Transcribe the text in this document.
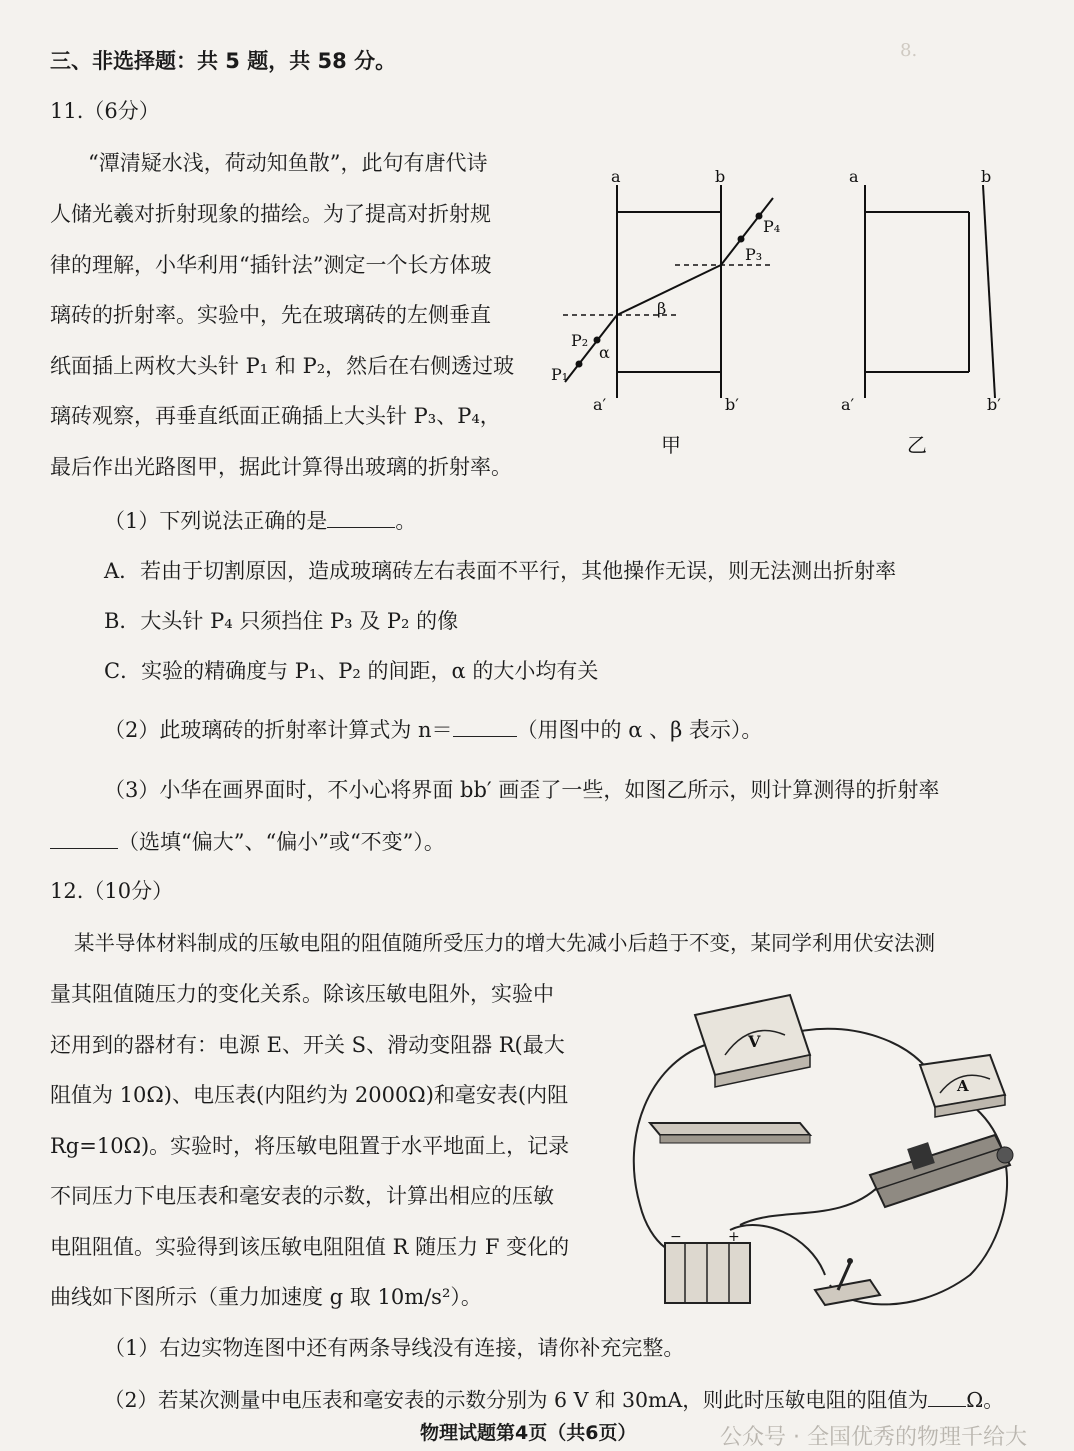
8.
三、非选择题：共 5 题，共 58 分。
11.（6分）
“潭清疑水浅，荷动知鱼散”，此句有唐代诗
人储光羲对折射现象的描绘。为了提高对折射规
律的理解，小华利用“插针法”测定一个长方体玻
璃砖的折射率。实验中，先在玻璃砖的左侧垂直
纸面插上两枚大头针 P₁ 和 P₂，然后在右侧透过玻
璃砖观察，再垂直纸面正确插上大头针 P₃、P₄，
最后作出光路图甲，据此计算得出玻璃的折射率。
a	b
a′	b′
P₁
P₂
P₃
P₄
α
β
甲
a	b
a′	b′
乙
（1）下列说法正确的是	。
A．若由于切割原因，造成玻璃砖左右表面不平行，其他操作无误，则无法测出折射率
B．大头针 P₄ 只须挡住 P₃ 及 P₂ 的像
C．实验的精确度与 P₁、P₂ 的间距，α 的大小均有关
（2）此玻璃砖的折射率计算式为 n＝	（用图中的 α 、β 表示）。
（3）小华在画界面时，不小心将界面 bb′ 画歪了一些，如图乙所示，则计算测得的折射率
（选填“偏大”、“偏小”或“不变”）。
12.（10分）
某半导体材料制成的压敏电阻的阻值随所受压力的增大先减小后趋于不变，某同学利用伏安法测
量其阻值随压力的变化关系。除该压敏电阻外，实验中
还用到的器材有：电源 E、开关 S、滑动变阻器 R(最大
阻值为 10Ω)、电压表(内阻约为 2000Ω)和毫安表(内阻
Rg=10Ω)。实验时，将压敏电阻置于水平地面上，记录
不同压力下电压表和毫安表的示数，计算出相应的压敏
电阻阻值。实验得到该压敏电阻阻值 R 随压力 F 变化的
曲线如下图所示（重力加速度 g 取 10m/s²）。
V
A
+
−
（1）右边实物连图中还有两条导线没有连接，请你补充完整。
（2）若某次测量中电压表和毫安表的示数分别为 6 V 和 30mA，则此时压敏电阻的阻值为 Ω。
物理试题第4页（共6页）	公众号 · 全国优秀的物理千给大
